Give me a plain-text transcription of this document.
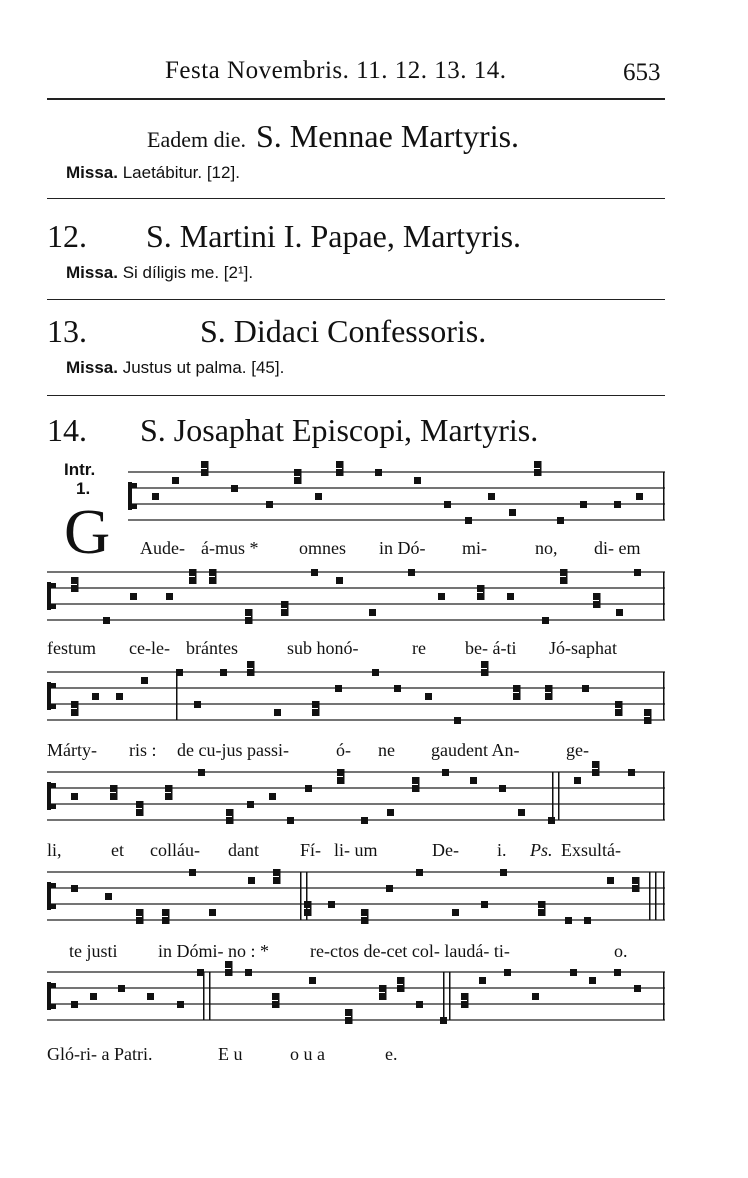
Festa Novembris. 11. 12. 13. 14.	653
Eadem die. S. Mennae Martyris.
Missa. Laetábitur. [12].
12. S. Martini I. Papae, Martyris.
Missa. Si díligis me. [2¹].
13.	S. Didaci Confessoris.
Missa. Justus ut palma. [45].
14. S. Josaphat Episcopi, Martyris.
Intr.
1.
G Aude- á-mus * omnes in Dó- mi-	no, di- em
festum ce-le- brántes	sub honó-	re be- á-ti Jó-saphat
Márty- ris : de cu-jus passi-	ó- ne gaudent An-	ge-
li,	et colláu- dant Fí- li- um	De- i. Ps. Exsultá-
te justi in Dómi- no : * re-ctos de-cet col- laudá- ti-	o.
Gló-ri- a Patri.	E u	o u a	e.
